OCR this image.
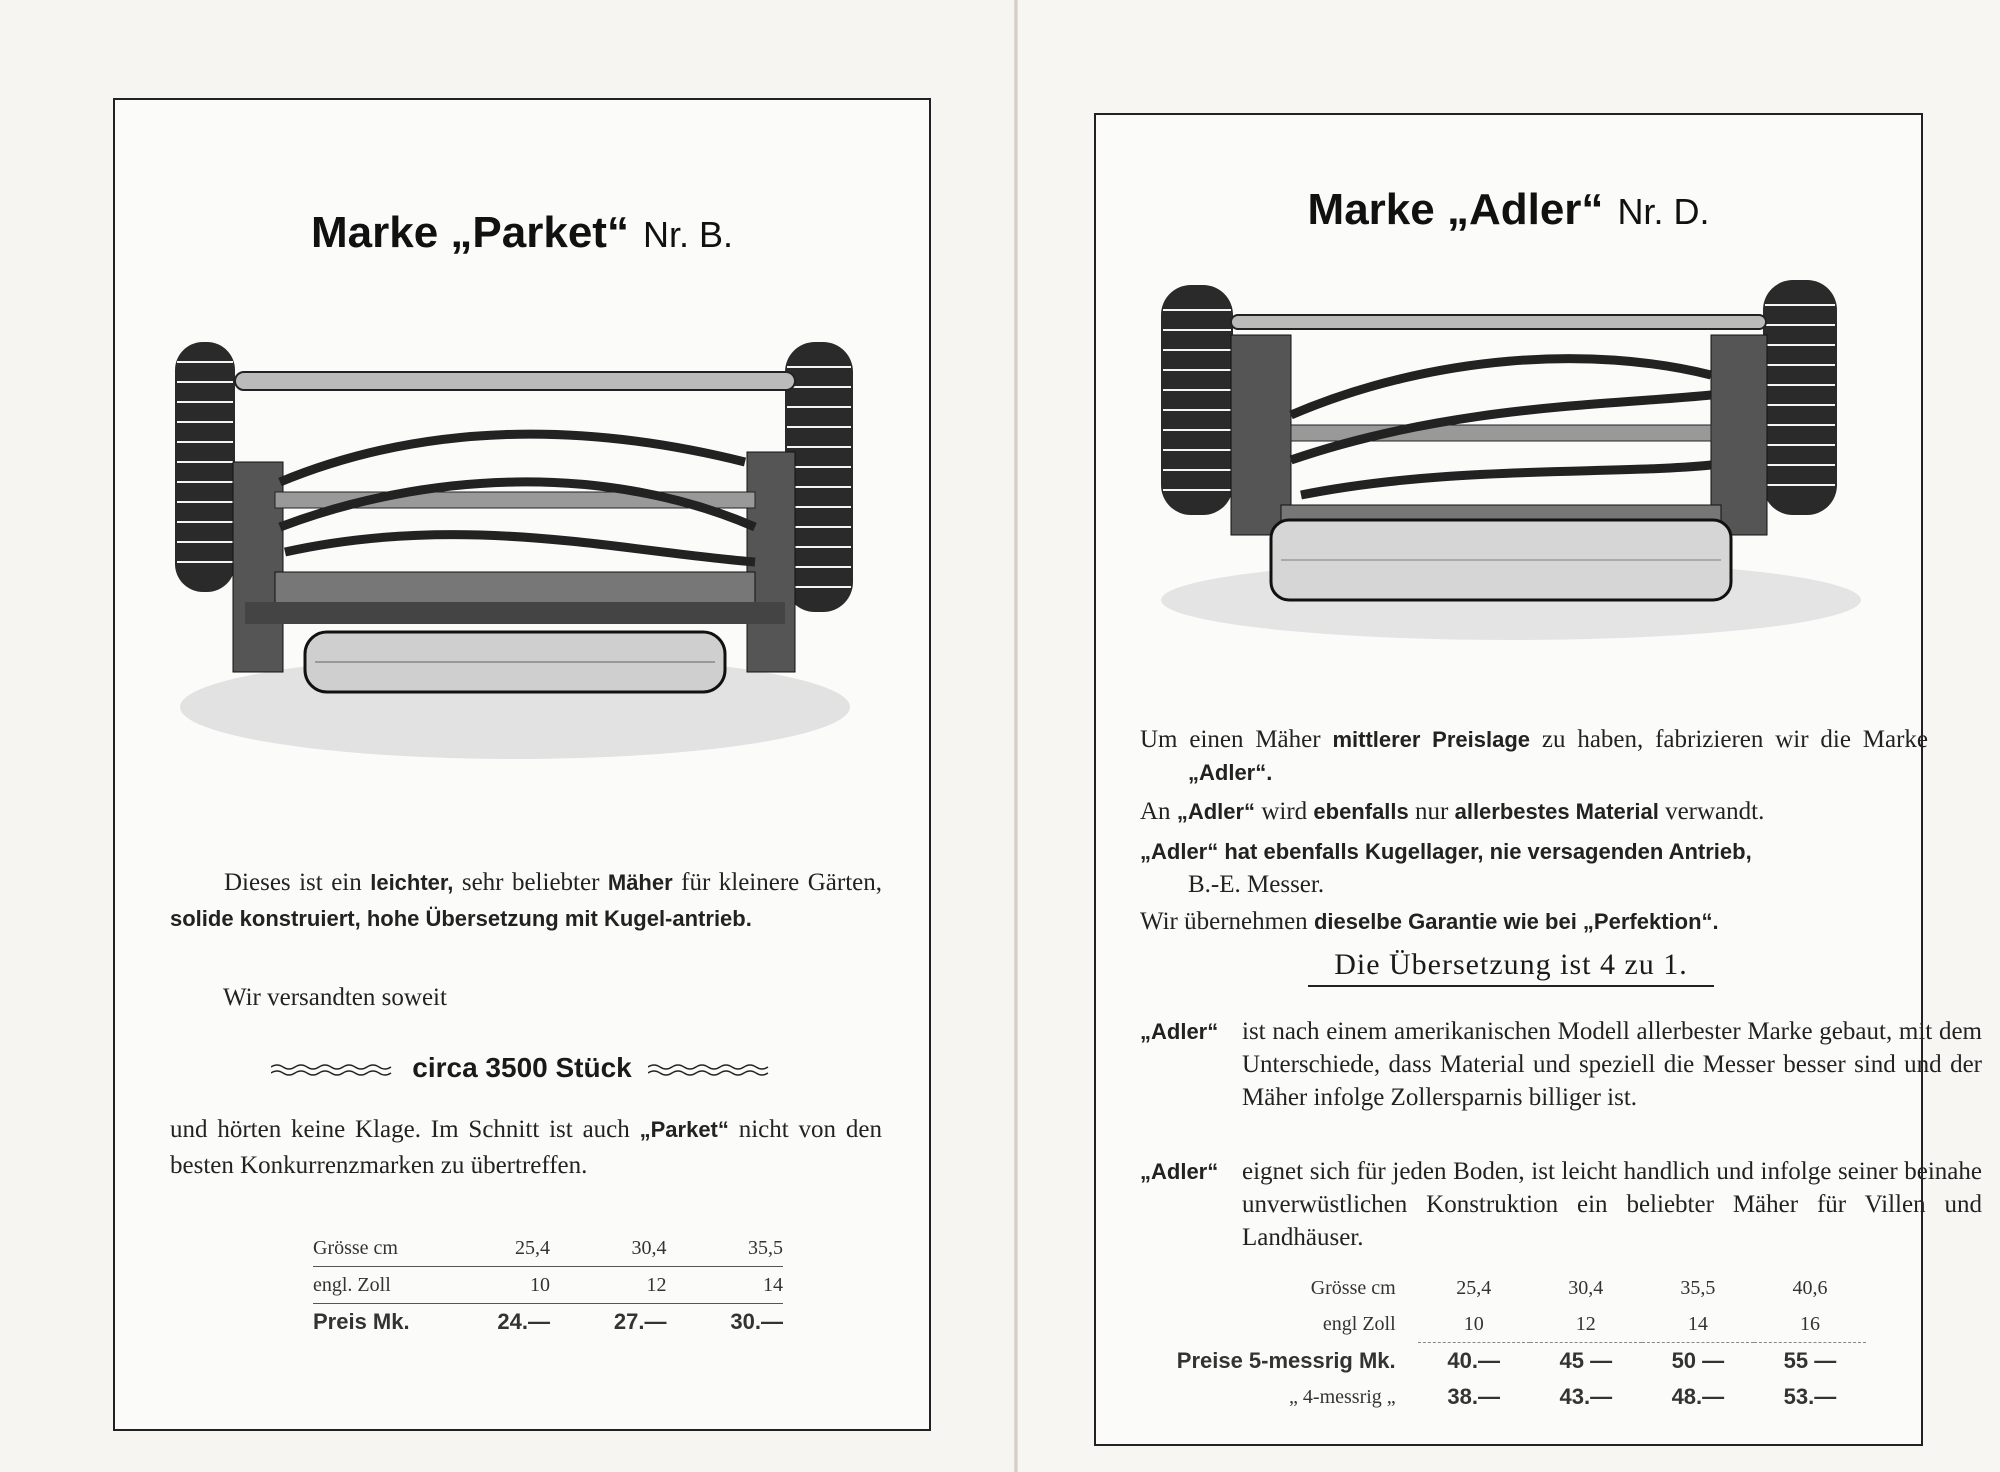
Marke „Parket“ Nr. B.
Dieses ist ein leichter, sehr beliebter Mäher für kleinere Gärten, solide konstruiert, hohe Übersetzung mit Kugel-antrieb.
Wir versandten soweit
circa 3500 Stück
und hörten keine Klage. Im Schnitt ist auch „Parket“ nicht von den besten Konkurrenzmarken zu übertreffen.
Grösse cm	25,4	30,4	35,5
engl. Zoll	10	12	14
Preis Mk.	24.—	27.—	30.—
Marke „Adler“ Nr. D.
Um einen Mäher mittlerer Preislage zu haben, fabrizieren wir die Marke „Adler“.
An „Adler“ wird ebenfalls nur allerbestes Material verwandt.
„Adler“ hat ebenfalls Kugellager, nie versagenden Antrieb,
B.-E. Messer.
Wir übernehmen dieselbe Garantie wie bei „Perfektion“.
Die Übersetzung ist 4 zu 1.
„Adler“ ist nach einem amerikanischen Modell allerbester Marke gebaut, mit dem Unterschiede, dass Material und speziell die Messer besser sind und der Mäher infolge Zollersparnis billiger ist.
„Adler“ eignet sich für jeden Boden, ist leicht handlich und infolge seiner beinahe unverwüstlichen Konstruktion ein beliebter Mäher für Villen und Landhäuser.
Grösse cm	25,4	30,4	35,5	40,6
engl Zoll	10	12	14	16
Preise 5-messrig Mk.	40.—	45 —	50 —	55 —
„ 4-messrig „	38.—	43.—	48.—	53.—
